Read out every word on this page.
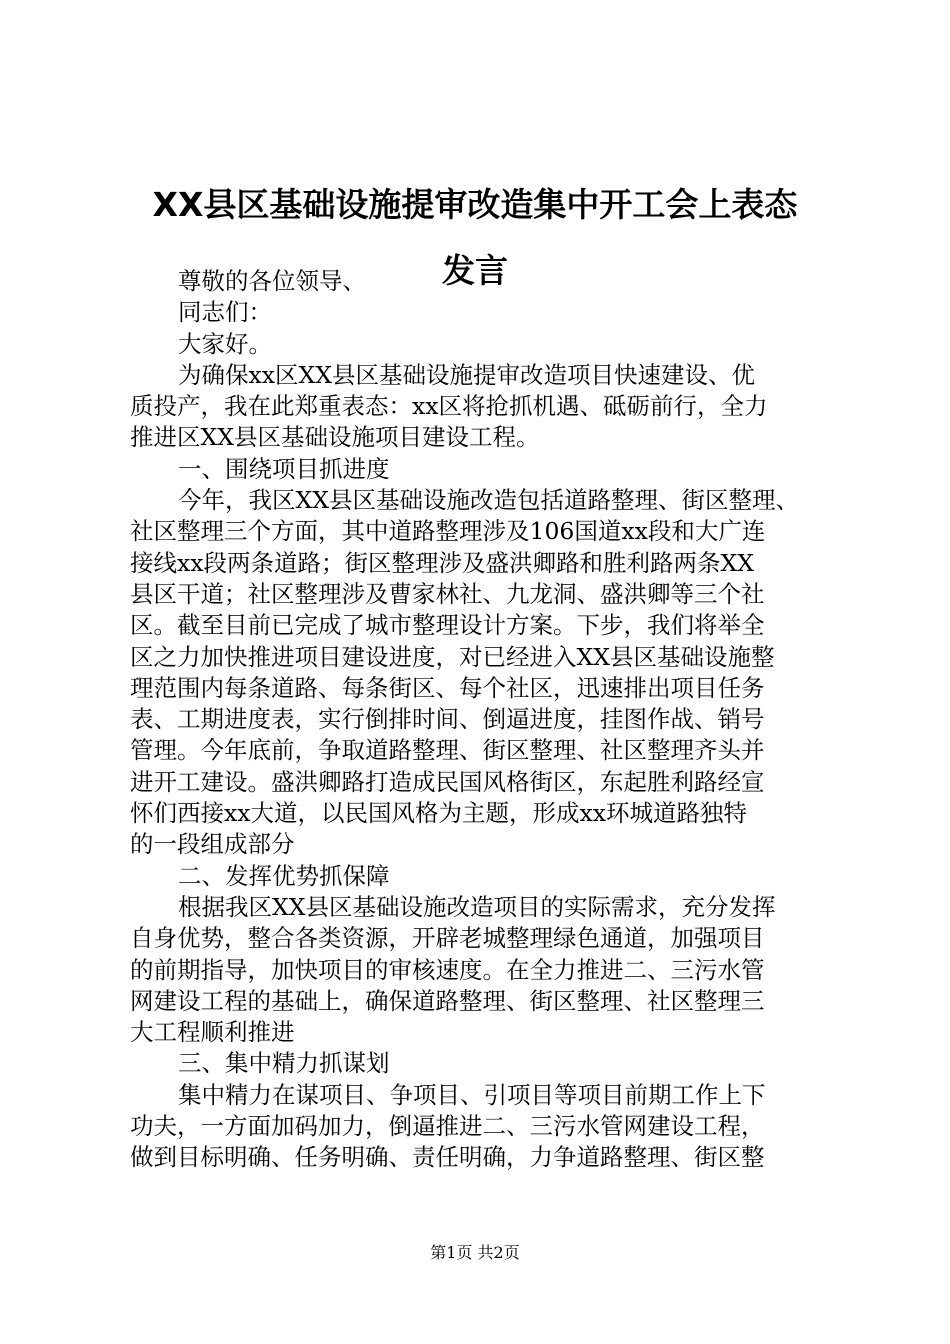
XX县区基础设施提审改造集中开工会上表态
发言
尊敬的各位领导、
同志们：
大家好。
为确保xx区XX县区基础设施提审改造项目快速建设、优
质投产，我在此郑重表态：xx区将抢抓机遇、砥砺前行，全力
推进区XX县区基础设施项目建设工程。
一、围绕项目抓进度
今年，我区XX县区基础设施改造包括道路整理、街区整理、
社区整理三个方面，其中道路整理涉及106国道xx段和大广连
接线xx段两条道路；街区整理涉及盛洪卿路和胜利路两条XX
县区干道；社区整理涉及曹家林社、九龙洞、盛洪卿等三个社
区。截至目前已完成了城市整理设计方案。下步，我们将举全
区之力加快推进项目建设进度，对已经进入XX县区基础设施整
理范围内每条道路、每条街区、每个社区，迅速排出项目任务
表、工期进度表，实行倒排时间、倒逼进度，挂图作战、销号
管理。今年底前，争取道路整理、街区整理、社区整理齐头并
进开工建设。盛洪卿路打造成民国风格街区，东起胜利路经宣
怀们西接xx大道，以民国风格为主题，形成xx环城道路独特
的一段组成部分
二、发挥优势抓保障
根据我区XX县区基础设施改造项目的实际需求，充分发挥
自身优势，整合各类资源，开辟老城整理绿色通道，加强项目
的前期指导，加快项目的审核速度。在全力推进二、三污水管
网建设工程的基础上，确保道路整理、街区整理、社区整理三
大工程顺利推进
三、集中精力抓谋划
集中精力在谋项目、争项目、引项目等项目前期工作上下
功夫，一方面加码加力，倒逼推进二、三污水管网建设工程，
做到目标明确、任务明确、责任明确，力争道路整理、街区整
第1页 共2页
